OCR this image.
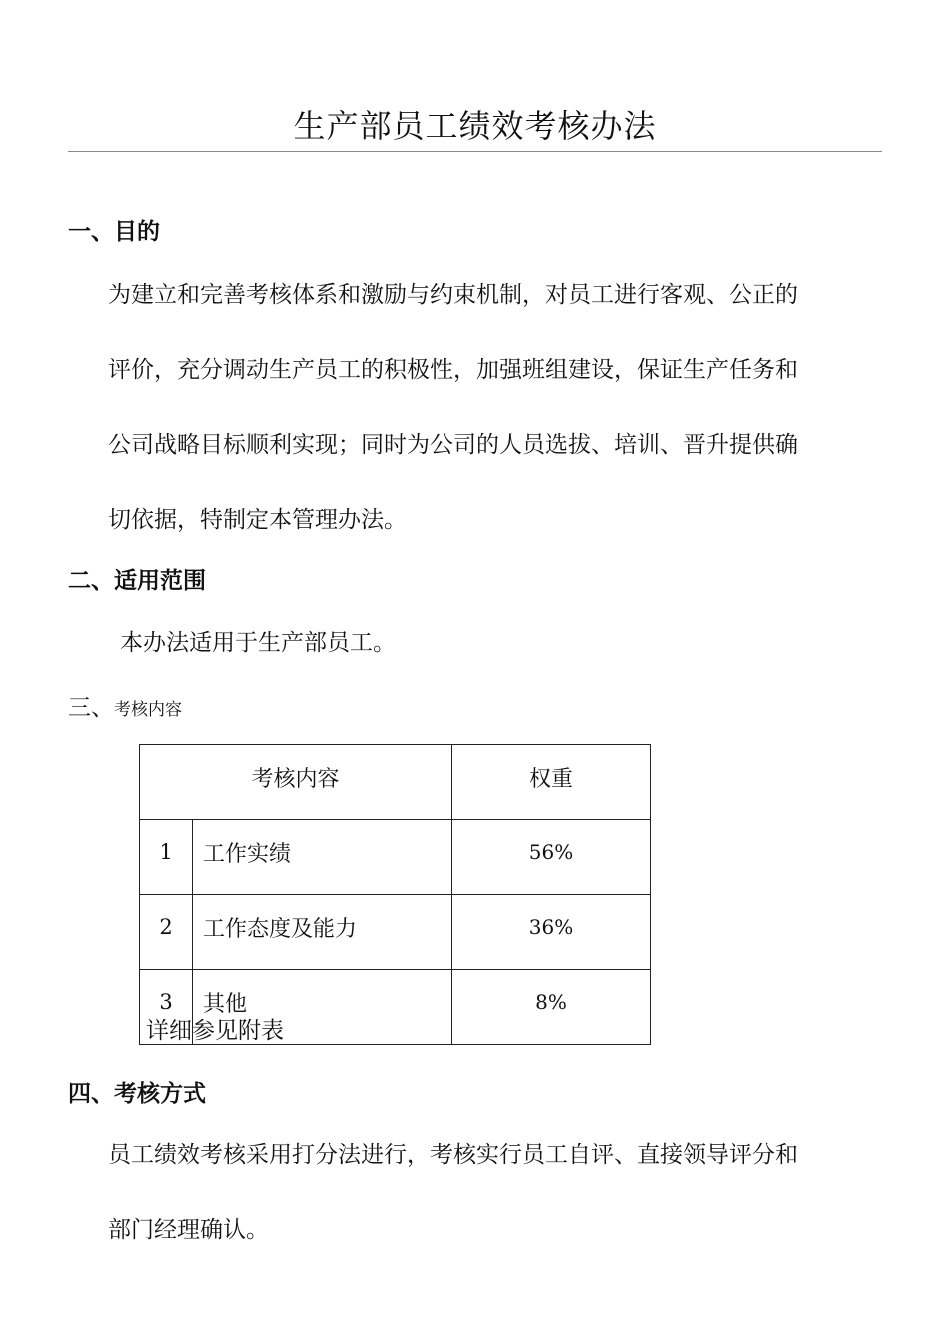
生产部员工绩效考核办法
一、目的
为建立和完善考核体系和激励与约束机制，对员工进行客观、公正的
评价，充分调动生产员工的积极性，加强班组建设，保证生产任务和
公司战略目标顺利实现；同时为公司的人员选拔、培训、晋升提供确
切依据，特制定本管理办法。
二、适用范围
本办法适用于生产部员工。
三、考核内容
考核内容		权重
1	工作实绩	56%
2	工作态度及能力	36%
3	其他	8%
详细参见附表
四、考核方式
员工绩效考核采用打分法进行，考核实行员工自评、直接领导评分和
部门经理确认。
